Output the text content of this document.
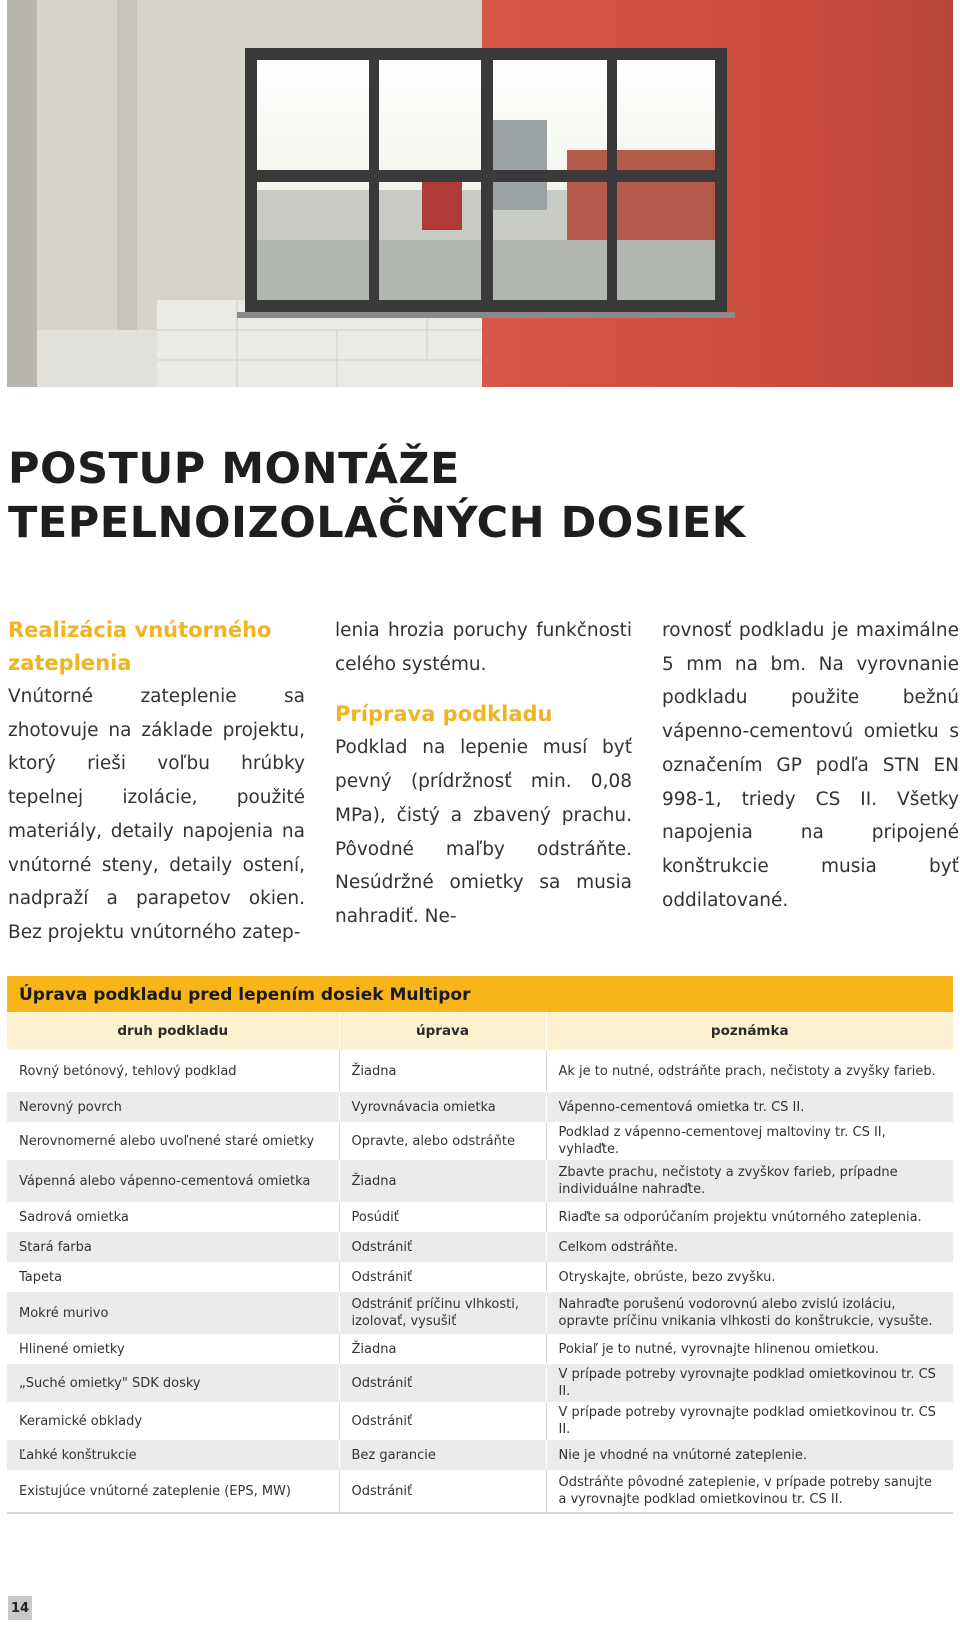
POSTUP MONTÁŽE
TEPELNOIZOLAČNÝCH DOSIEK
Realizácia vnútorného zateplenia

Vnútorné zateplenie sa zhotovuje na základe projektu, ktorý rieši voľbu hrúbky tepelnej izolácie, použité materiály, detaily napojenia na vnútorné steny, detaily ostení, nadpraží a parapetov okien. Bez projektu vnútorného zatep-

lenia hrozia poruchy funkčnosti celého systému.

Príprava podkladu

Podklad na lepenie musí byť pevný (prídržnosť min. 0,08 MPa), čistý a zbavený prachu. Pôvodné maľby odstráňte. Nesúdržné omietky sa musia nahradiť. Ne-

rovnosť podkladu je maximálne 5 mm na bm. Na vyrovnanie podkladu použite bežnú vápenno-cementovú omietku s označením GP podľa STN EN 998-1, triedy CS II. Všetky napojenia na pripojené konštrukcie musia byť oddilatované.

Úprava podkladu pred lepením dosiek Multipor
druh podkladu	úprava	poznámka
Rovný betónový, tehlový podklad	Žiadna	Ak je to nutné, odstráňte prach, nečistoty a zvyšky farieb.
Nerovný povrch	Vyrovnávacia omietka	Vápenno-cementová omietka tr. CS II.
Nerovnomerné alebo uvoľnené staré omietky	Opravte, alebo odstráňte	Podklad z vápenno-cementovej maltoviny tr. CS II, vyhlaďte.
Vápenná alebo vápenno-cementová omietka	Žiadna	Zbavte prachu, nečistoty a zvyškov farieb, prípadne individuálne nahraďte.
Sadrová omietka	Posúdiť	Riaďte sa odporúčaním projektu vnútorného zateplenia.
Stará farba	Odstrániť	Celkom odstráňte.
Tapeta	Odstrániť	Otryskajte, obrúste, bezo zvyšku.
Mokré murivo	Odstrániť príčinu vlhkosti, izolovať, vysušiť	Nahraďte porušenú vodorovnú alebo zvislú izoláciu, opravte príčinu vnikania vlhkosti do konštrukcie, vysušte.
Hlinené omietky	Žiadna	Pokiaľ je to nutné, vyrovnajte hlinenou omietkou.
„Suché omietky" SDK dosky	Odstrániť	V prípade potreby vyrovnajte podklad omietkovinou tr. CS II.
Keramické obklady	Odstrániť	V prípade potreby vyrovnajte podklad omietkovinou tr. CS II.
Ľahké konštrukcie	Bez garancie	Nie je vhodné na vnútorné zateplenie.
Existujúce vnútorné zateplenie (EPS, MW)	Odstrániť	Odstráňte pôvodné zateplenie, v prípade potreby sanujte a vyrovnajte podklad omietkovinou tr. CS II.
14
